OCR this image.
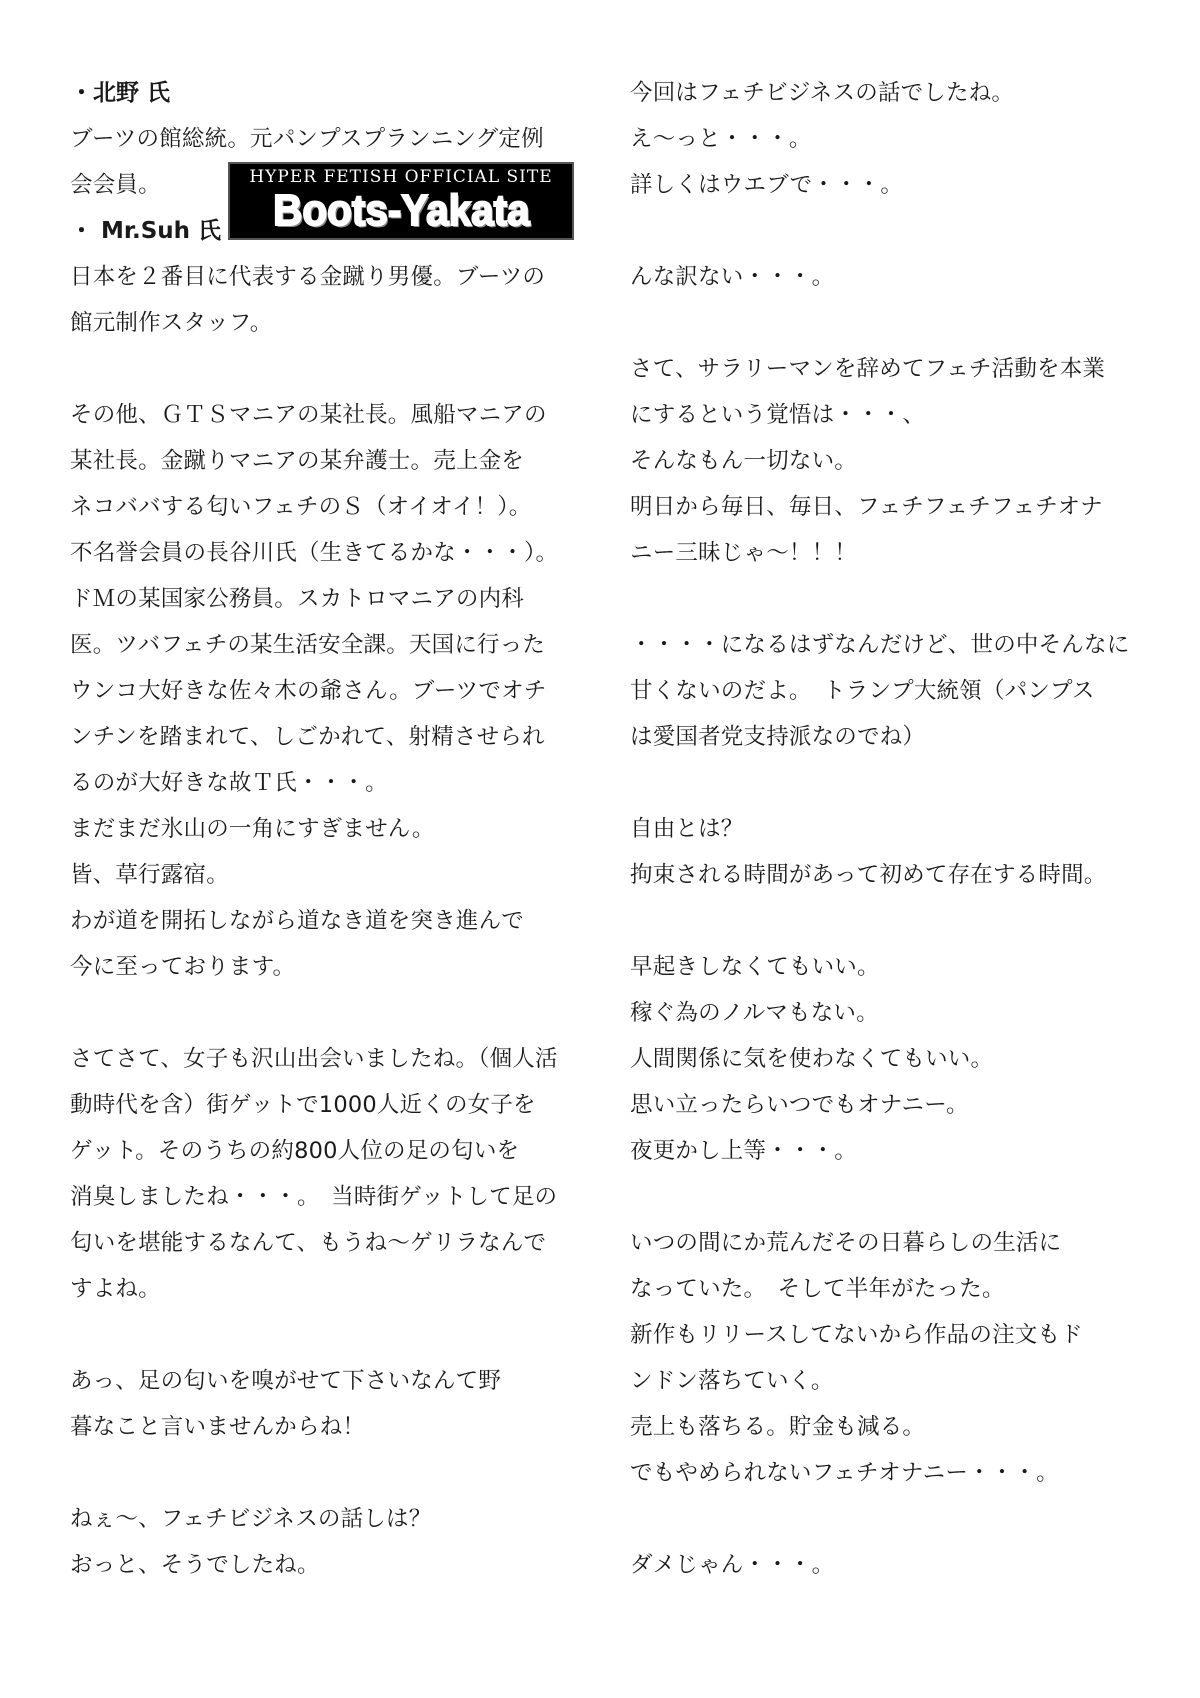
・北野 氏
ブーツの館総統。元パンプスプランニング定例
会会員。	HYPER FETISH OFFICIAL SITE
Boots-Yakata
・ Mr.Suh 氏
日本を２番目に代表する金蹴り男優。ブーツの
館元制作スタッフ。
その他、ＧＴＳマニアの某社長。風船マニアの
某社長。金蹴りマニアの某弁護士。売上金を
ネコババする匂いフェチのＳ（オイオイ！）。
不名誉会員の長谷川氏（生きてるかな・・・）。
ドＭの某国家公務員。スカトロマニアの内科
医。ツバフェチの某生活安全課。天国に行った
ウンコ大好きな佐々木の爺さん。ブーツでオチ
ンチンを踏まれて、しごかれて、射精させられ
るのが大好きな故Ｔ氏・・・。
まだまだ氷山の一角にすぎません。
皆、草行露宿。
わが道を開拓しながら道なき道を突き進んで
今に至っております。
さてさて、女子も沢山出会いましたね。（個人活
動時代を含）街ゲットで1000人近くの女子を
ゲット。そのうちの約800人位の足の匂いを
消臭しましたね・・・。　当時街ゲットして足の
匂いを堪能するなんて、もうね～ゲリラなんで
すよね。
あっ、足の匂いを嗅がせて下さいなんて野
暮なこと言いませんからね！
ねぇ～、フェチビジネスの話しは？
おっと、そうでしたね。
今回はフェチビジネスの話でしたね。
え～っと・・・。
詳しくはウエブで・・・。
んな訳ない・・・。
さて、サラリーマンを辞めてフェチ活動を本業
にするという覚悟は・・・、
そんなもん一切ない。
明日から毎日、毎日、フェチフェチフェチオナ
ニー三昧じゃ～！！！
・・・・になるはずなんだけど、世の中そんなに
甘くないのだよ。　トランプ大統領（パンプス
は愛国者党支持派なのでね）
自由とは？
拘束される時間があって初めて存在する時間。
早起きしなくてもいい。
稼ぐ為のノルマもない。
人間関係に気を使わなくてもいい。
思い立ったらいつでもオナニー。
夜更かし上等・・・。
いつの間にか荒んだその日暮らしの生活に
なっていた。　そして半年がたった。
新作もリリースしてないから作品の注文もド
ンドン落ちていく。
売上も落ちる。貯金も減る。
でもやめられないフェチオナニー・・・。
ダメじゃん・・・。
